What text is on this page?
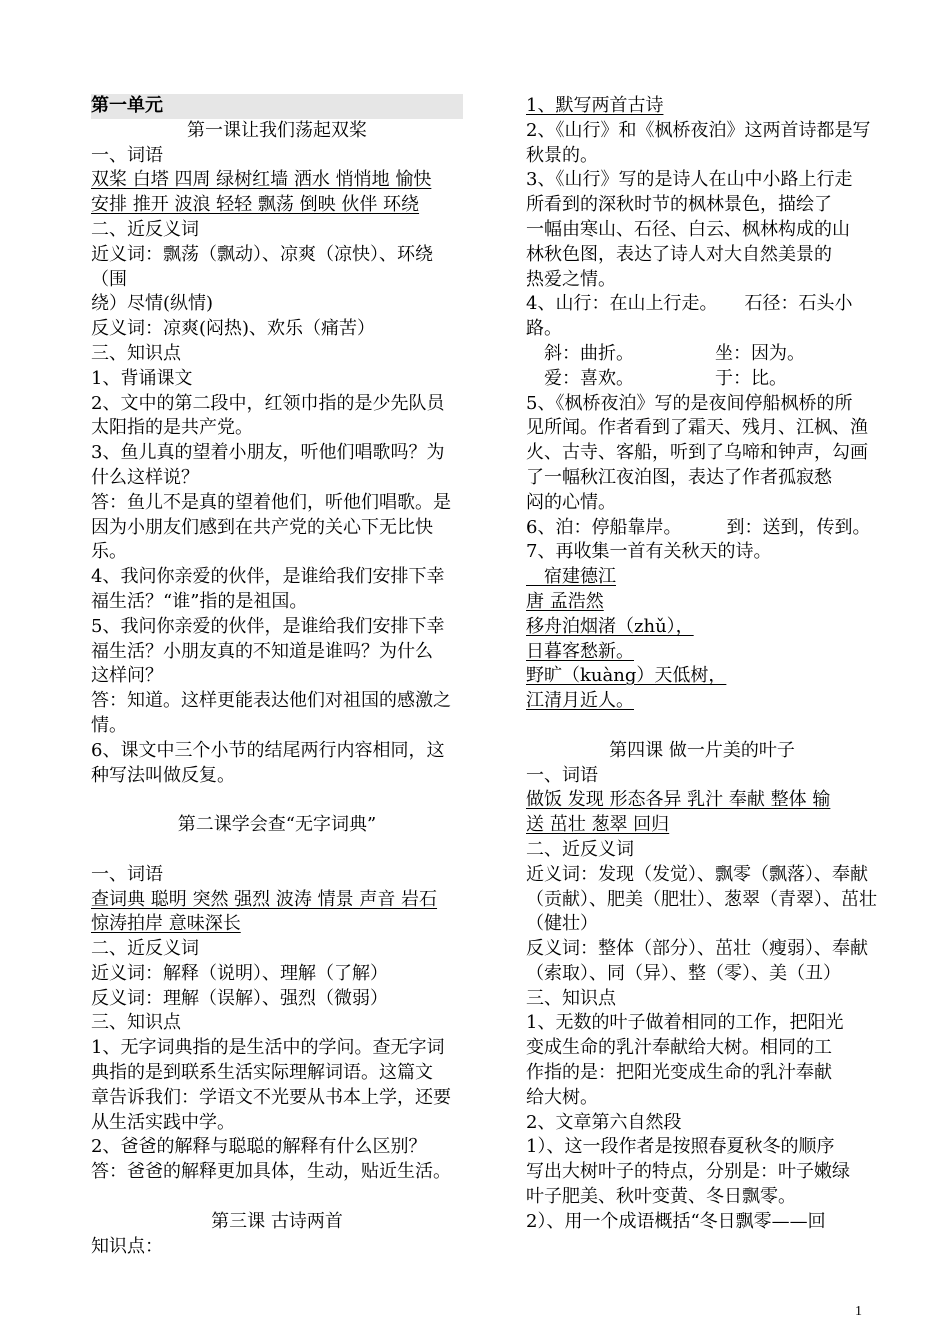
第一单元
第一课让我们荡起双桨
一、词语
双桨 白塔 四周 绿树红墙 洒水 悄悄地 愉快
安排 推开 波浪 轻轻 飘荡 倒映 伙伴 环绕
二、近反义词
近义词：飘荡（飘动）、凉爽（凉快）、环绕（围
绕）尽情(纵情)
反义词：凉爽(闷热)、欢乐（痛苦）
三、知识点
1、背诵课文
2、文中的第二段中，红领巾指的是少先队员
太阳指的是共产党。
3、鱼儿真的望着小朋友，听他们唱歌吗？为
什么这样说？
答：鱼儿不是真的望着他们，听他们唱歌。是
因为小朋友们感到在共产党的关心下无比快
乐。
4、我问你亲爱的伙伴，是谁给我们安排下幸
福生活？“谁”指的是祖国。
5、我问你亲爱的伙伴，是谁给我们安排下幸
福生活？小朋友真的不知道是谁吗？为什么
这样问？
答：知道。这样更能表达他们对祖国的感激之
情。
6、课文中三个小节的结尾两行内容相同，这
种写法叫做反复。
第二课学会查“无字词典”
一、词语
查词典 聪明 突然 强烈 波涛 情景 声音 岩石
惊涛拍岸 意味深长
二、近反义词
近义词：解释（说明）、理解（了解）
反义词：理解（误解）、强烈（微弱）
三、知识点
1、无字词典指的是生活中的学问。查无字词
典指的是到联系生活实际理解词语。这篇文
章告诉我们：学语文不光要从书本上学，还要
从生活实践中学。
2、爸爸的解释与聪聪的解释有什么区别？
答：爸爸的解释更加具体，生动，贴近生活。
第三课 古诗两首
知识点：
1、默写两首古诗
2、《山行》和《枫桥夜泊》这两首诗都是写
秋景的。
3、《山行》写的是诗人在山中小路上行走
所看到的深秋时节的枫林景色，描绘了
一幅由寒山、石径、白云、枫林构成的山
林秋色图，表达了诗人对大自然美景的
热爱之情。
4、山行：在山上行走。　　石径：石头小
路。
　斜：曲折。　　　　　坐：因为。
　爱：喜欢。　　　　　于：比。
5、《枫桥夜泊》写的是夜间停船枫桥的所
见所闻。作者看到了霜天、残月、江枫、渔
火、古寺、客船，听到了乌啼和钟声，勾画
了一幅秋江夜泊图，表达了作者孤寂愁
闷的心情。
6、泊：停船靠岸。　　　到：送到，传到。
7、再收集一首有关秋天的诗。
　宿建德江
唐 孟浩然
移舟泊烟渚（zhǔ），
日暮客愁新。
野旷（kuàng）天低树，
江清月近人。
第四课 做一片美的叶子
一、词语
做饭 发现 形态各异 乳汁 奉献 整体 输
送 茁壮 葱翠 回归
二、近反义词
近义词：发现（发觉）、飘零（飘落）、奉献
（贡献）、肥美（肥壮）、葱翠（青翠）、茁壮
（健壮）
反义词：整体（部分）、茁壮（瘦弱）、奉献
（索取）、同（异）、整（零）、美（丑）
三、知识点
1、无数的叶子做着相同的工作，把阳光
变成生命的乳汁奉献给大树。相同的工
作指的是：把阳光变成生命的乳汁奉献
给大树。
2、文章第六自然段
1）、这一段作者是按照春夏秋冬的顺序
写出大树叶子的特点，分别是：叶子嫩绿
叶子肥美、秋叶变黄、冬日飘零。
2）、用一个成语概括“冬日飘零——回
1
